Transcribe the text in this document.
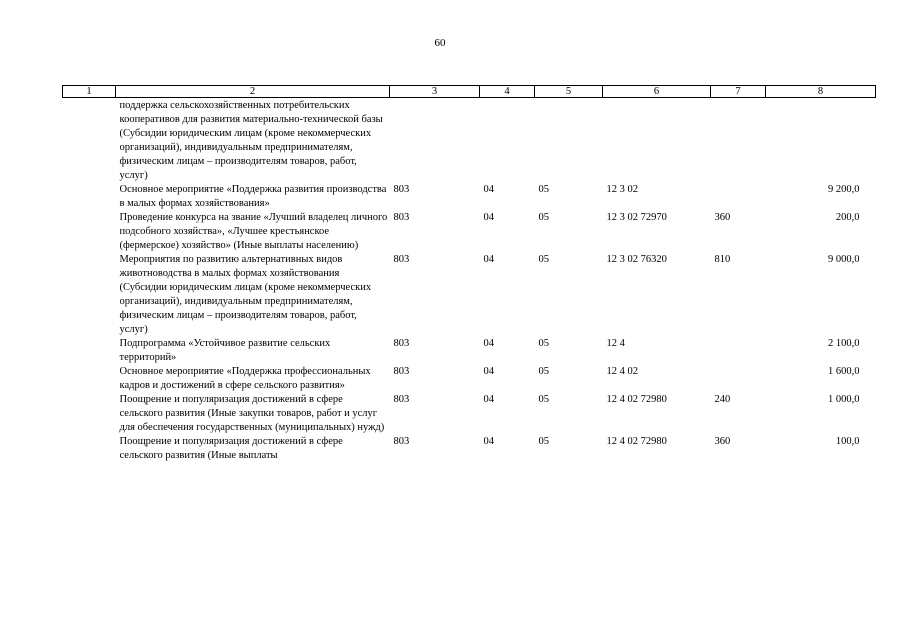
60
1	2	3	4	5	6	7	8
	поддержка сельскохозяйственных потребительских кооперативов для развития материально-технической базы (Субсидии юридическим лицам (кроме некоммерческих организаций), индивидуальным предпринимателям, физическим лицам – производителям товаров, работ, услуг)						
	Основное мероприятие «Поддержка развития производства в малых формах хозяйствования»	803	04	05	12 3 02		9 200,0
	Проведение конкурса на звание «Лучший владелец личного подсобного хозяйства», «Лучшее крестьянское (фермерское) хозяйство» (Иные выплаты населению)	803	04	05	12 3 02 72970	360	200,0
	Мероприятия по развитию альтернативных видов животноводства в малых формах хозяйствования (Субсидии юридическим лицам (кроме некоммерческих организаций), индивидуальным предпринимателям, физическим лицам – производителям товаров, работ, услуг)	803	04	05	12 3 02 76320	810	9 000,0
	Подпрограмма «Устойчивое развитие сельских территорий»	803	04	05	12 4		2 100,0
	Основное мероприятие «Поддержка профессиональных кадров и достижений в сфере сельского развития»	803	04	05	12 4 02		1 600,0
	Поощрение и популяризация достижений в сфере сельского развития (Иные закупки товаров, работ и услуг для обеспечения государственных (муниципальных) нужд)	803	04	05	12 4 02 72980	240	1 000,0
	Поощрение и популяризация достижений в сфере сельского развития (Иные выплаты	803	04	05	12 4 02 72980	360	100,0
